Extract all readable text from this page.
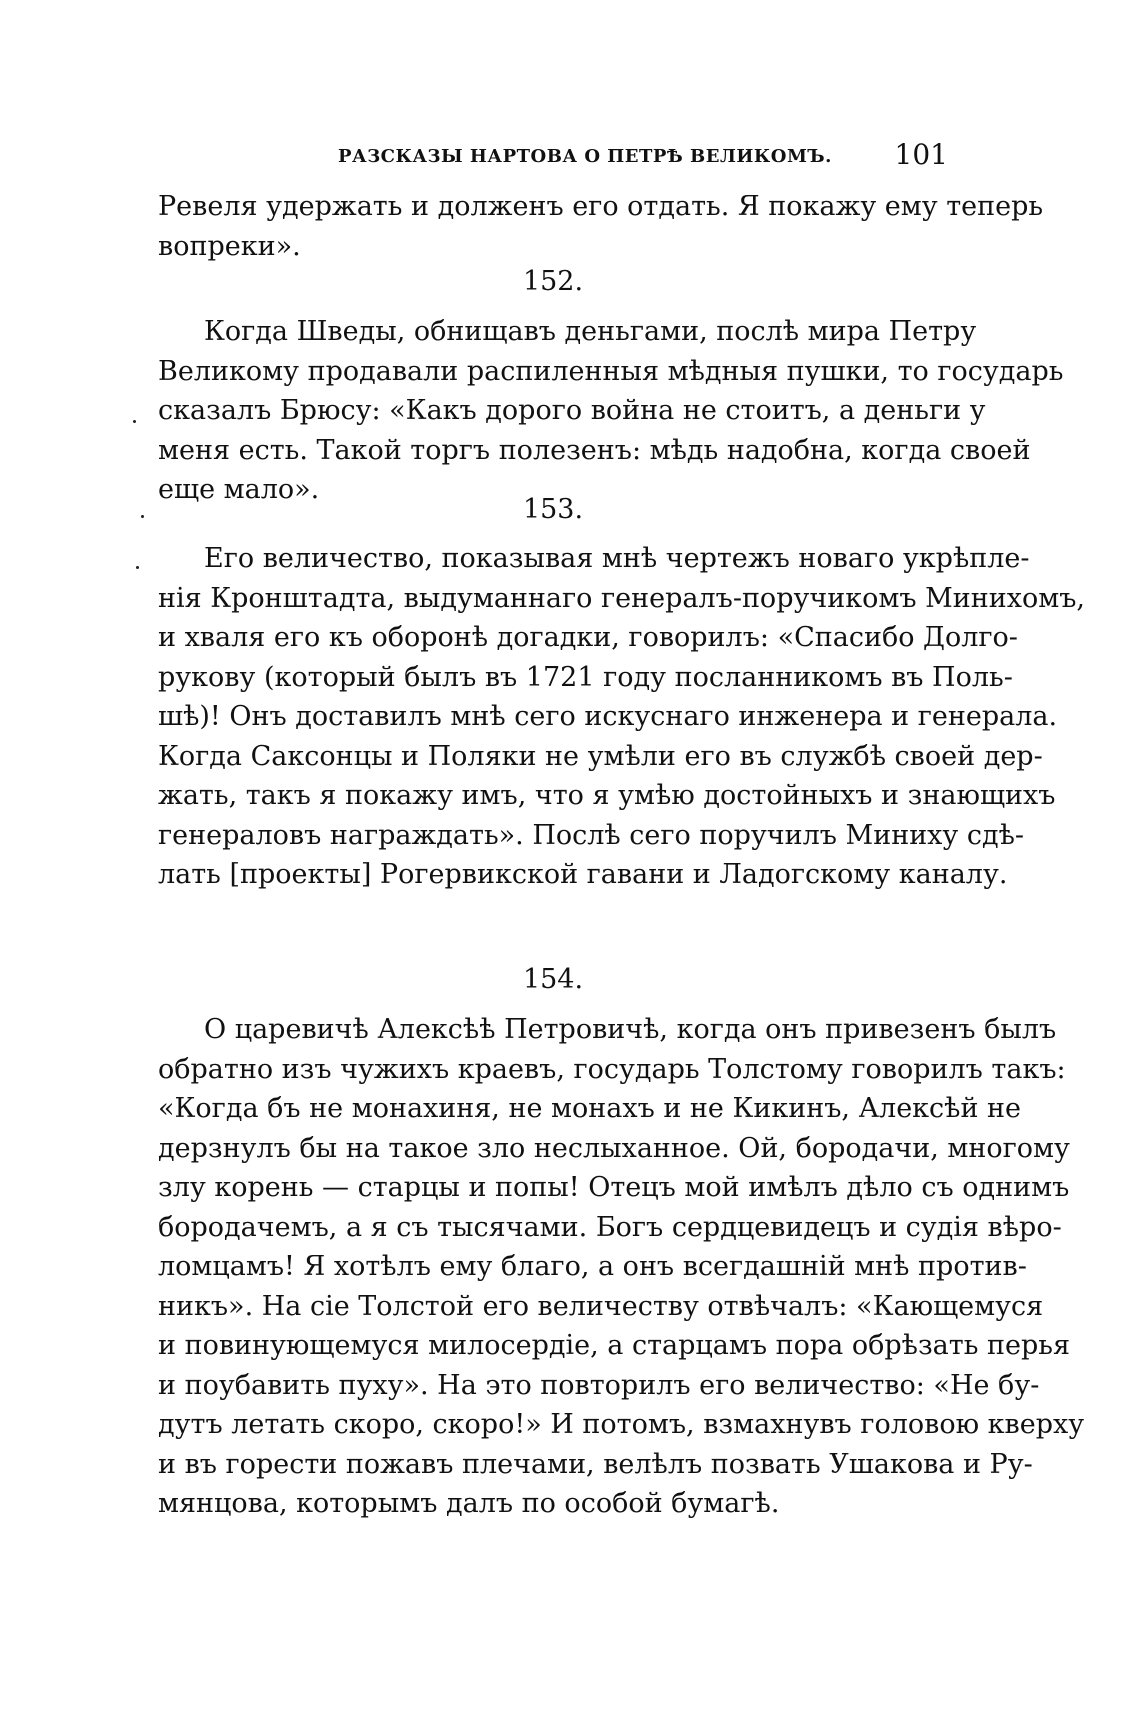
РАЗСКАЗЫ НАРТОВА О ПЕТРѢ ВЕЛИКОМЪ. 101
Ревеля удержать и долженъ его отдать. Я покажу ему теперь
вопреки».
152.
Когда Шведы, обнищавъ деньгами, послѣ мира Петру
Великому продавали распиленныя мѣдныя пушки, то государь
сказалъ Брюсу: «Какъ дорого война не стоитъ, а деньги у
меня есть. Такой торгъ полезенъ: мѣдь надобна, когда своей
еще мало».
153.
Его величество, показывая мнѣ чертежъ новаго укрѣпле-
нія Кронштадта, выдуманнаго генералъ-поручикомъ Минихомъ,
и хваля его къ оборонѣ догадки, говорилъ: «Спасибо Долго-
рукову (который былъ въ 1721 году посланникомъ въ Поль-
шѣ)! Онъ доставилъ мнѣ сего искуснаго инженера и генерала.
Когда Саксонцы и Поляки не умѣли его въ службѣ своей дер-
жать, такъ я покажу имъ, что я умѣю достойныхъ и знающихъ
генераловъ награждать». Послѣ сего поручилъ Миниху сдѣ-
лать [проекты] Рогервикской гавани и Ладогскому каналу.
154.
О царевичѣ Алексѣѣ Петровичѣ, когда онъ привезенъ былъ
обратно изъ чужихъ краевъ, государь Толстому говорилъ такъ:
«Когда бъ не монахиня, не монахъ и не Кикинъ, Алексѣй не
дерзнулъ бы на такое зло неслыханное. Ой, бородачи, многому
злу корень — старцы и попы! Отецъ мой имѣлъ дѣло съ однимъ
бородачемъ, а я съ тысячами. Богъ сердцевидецъ и судія вѣро-
ломцамъ! Я хотѣлъ ему благо, а онъ всегдашній мнѣ против-
никъ». На сіе Толстой его величеству отвѣчалъ: «Кающемуся
и повинующемуся милосердіе, а старцамъ пора обрѣзать перья
и поубавить пуху». На это повторилъ его величество: «Не бу-
дутъ летать скоро, скоро!» И потомъ, взмахнувъ головою кверху
и въ горести пожавъ плечами, велѣлъ позвать Ушакова и Ру-
мянцова, которымъ далъ по особой бумагѣ.
